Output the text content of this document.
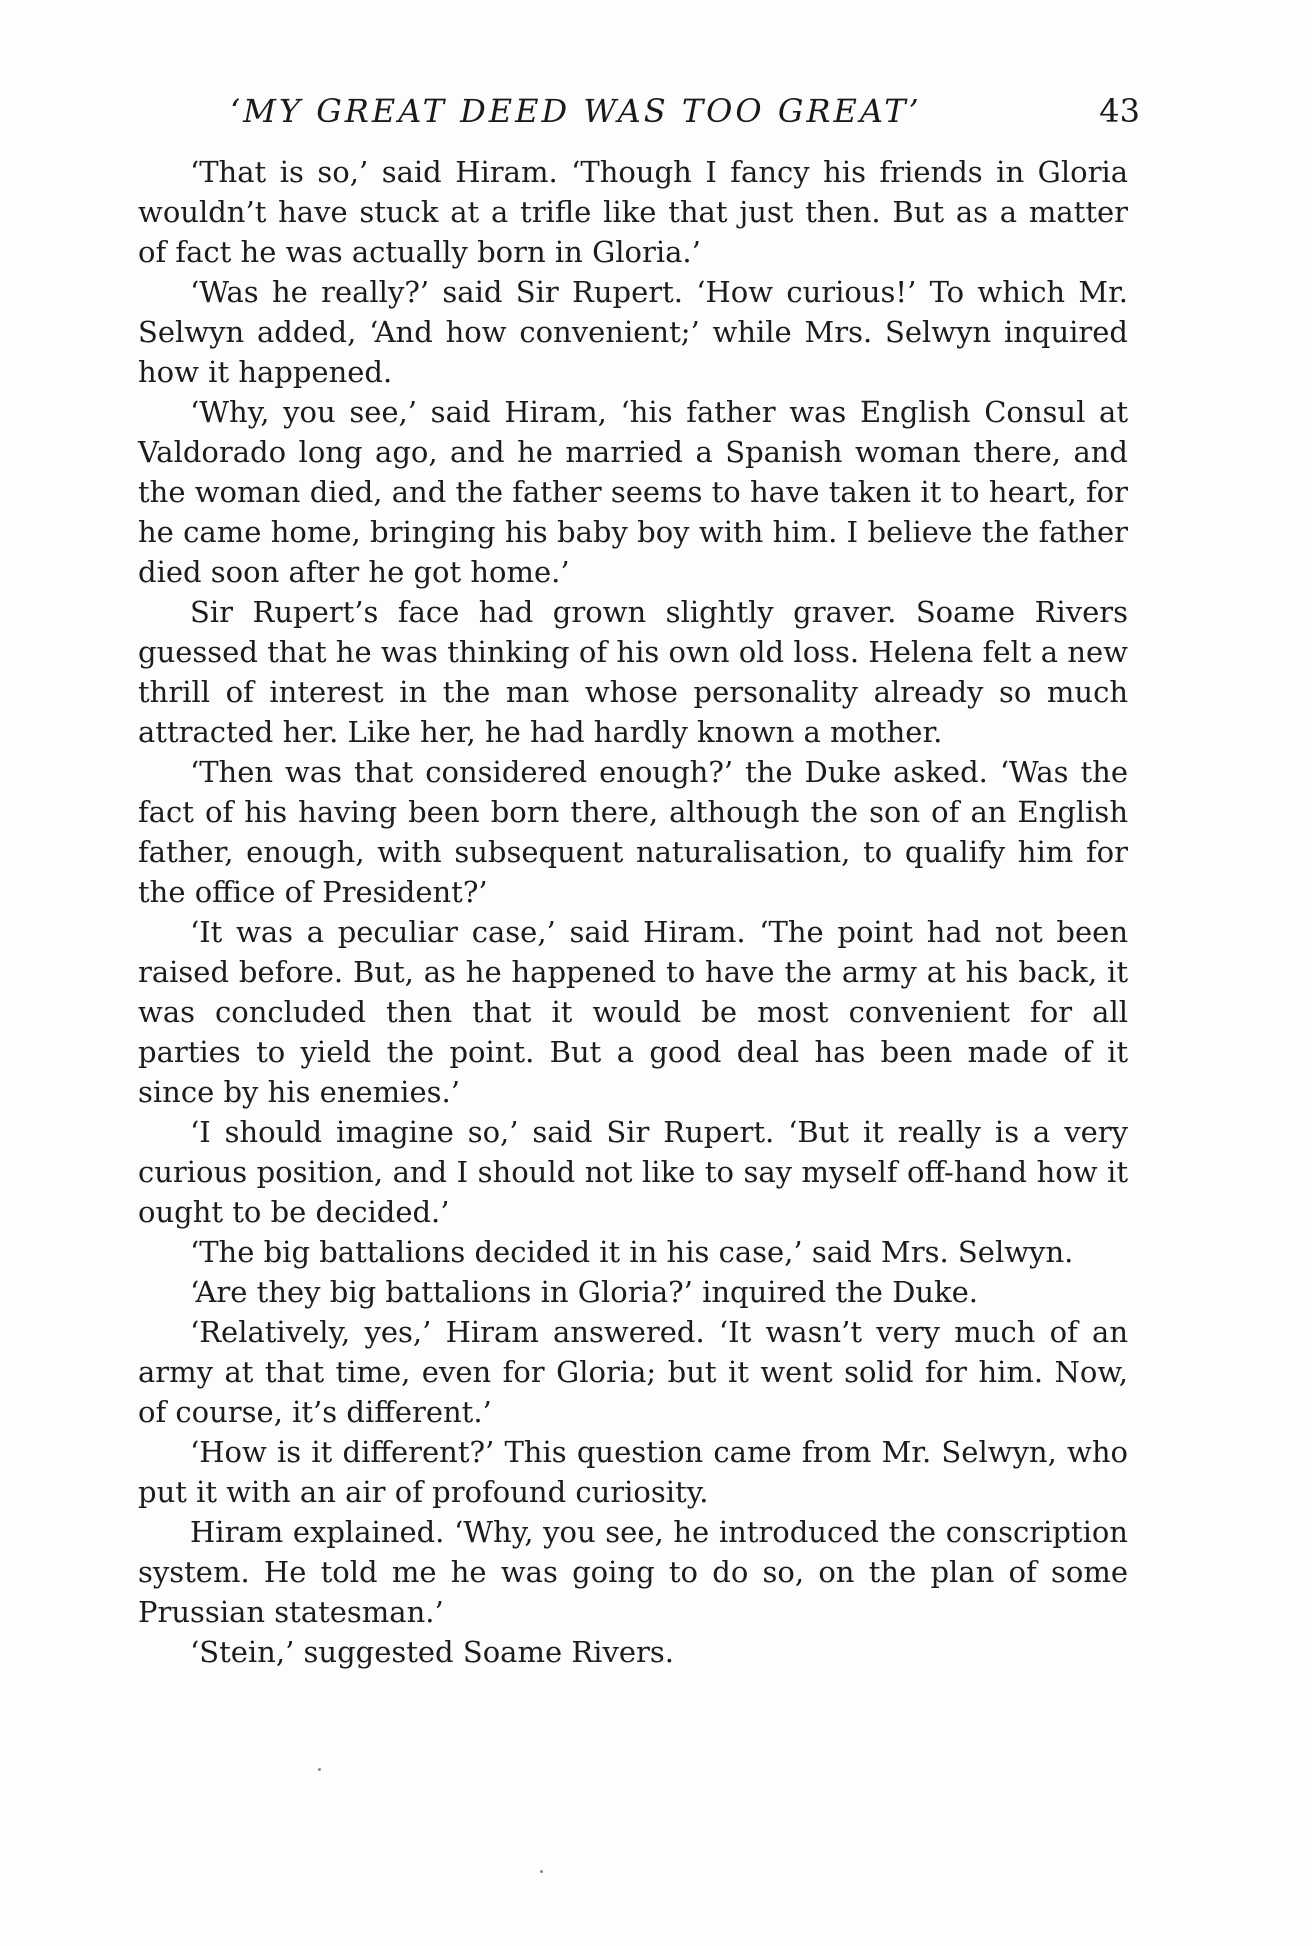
‘MY GREAT DEED WAS TOO GREAT’	43

‘That is so,’ said Hiram. ‘Though I fancy his friends in Gloria wouldn’t have stuck at a trifle like that just then. But as a matter of fact he was actually born in Gloria.’

‘Was he really?’ said Sir Rupert. ‘How curious!’ To which Mr. Selwyn added, ‘And how convenient;’ while Mrs. Selwyn inquired how it happened.

‘Why, you see,’ said Hiram, ‘his father was English Consul at Valdorado long ago, and he married a Spanish woman there, and the woman died, and the father seems to have taken it to heart, for he came home, bringing his baby boy with him. I believe the father died soon after he got home.’

Sir Rupert’s face had grown slightly graver. Soame Rivers guessed that he was thinking of his own old loss. Helena felt a new thrill of interest in the man whose personality already so much attracted her. Like her, he had hardly known a mother.

‘Then was that considered enough?’ the Duke asked. ‘Was the fact of his having been born there, although the son of an English father, enough, with subsequent naturalisation, to qualify him for the office of President?’

‘It was a peculiar case,’ said Hiram. ‘The point had not been raised before. But, as he happened to have the army at his back, it was concluded then that it would be most convenient for all parties to yield the point. But a good deal has been made of it since by his enemies.’

‘I should imagine so,’ said Sir Rupert. ‘But it really is a very curious position, and I should not like to say myself off-hand how it ought to be decided.’

‘The big battalions decided it in his case,’ said Mrs. Selwyn.

‘Are they big battalions in Gloria?’ inquired the Duke.

‘Relatively, yes,’ Hiram answered. ‘It wasn’t very much of an army at that time, even for Gloria; but it went solid for him. Now, of course, it’s different.’

‘How is it different?’ This question came from Mr. Selwyn, who put it with an air of profound curiosity.

Hiram explained. ‘Why, you see, he introduced the conscription system. He told me he was going to do so, on the plan of some Prussian statesman.’

‘Stein,’ suggested Soame Rivers.
